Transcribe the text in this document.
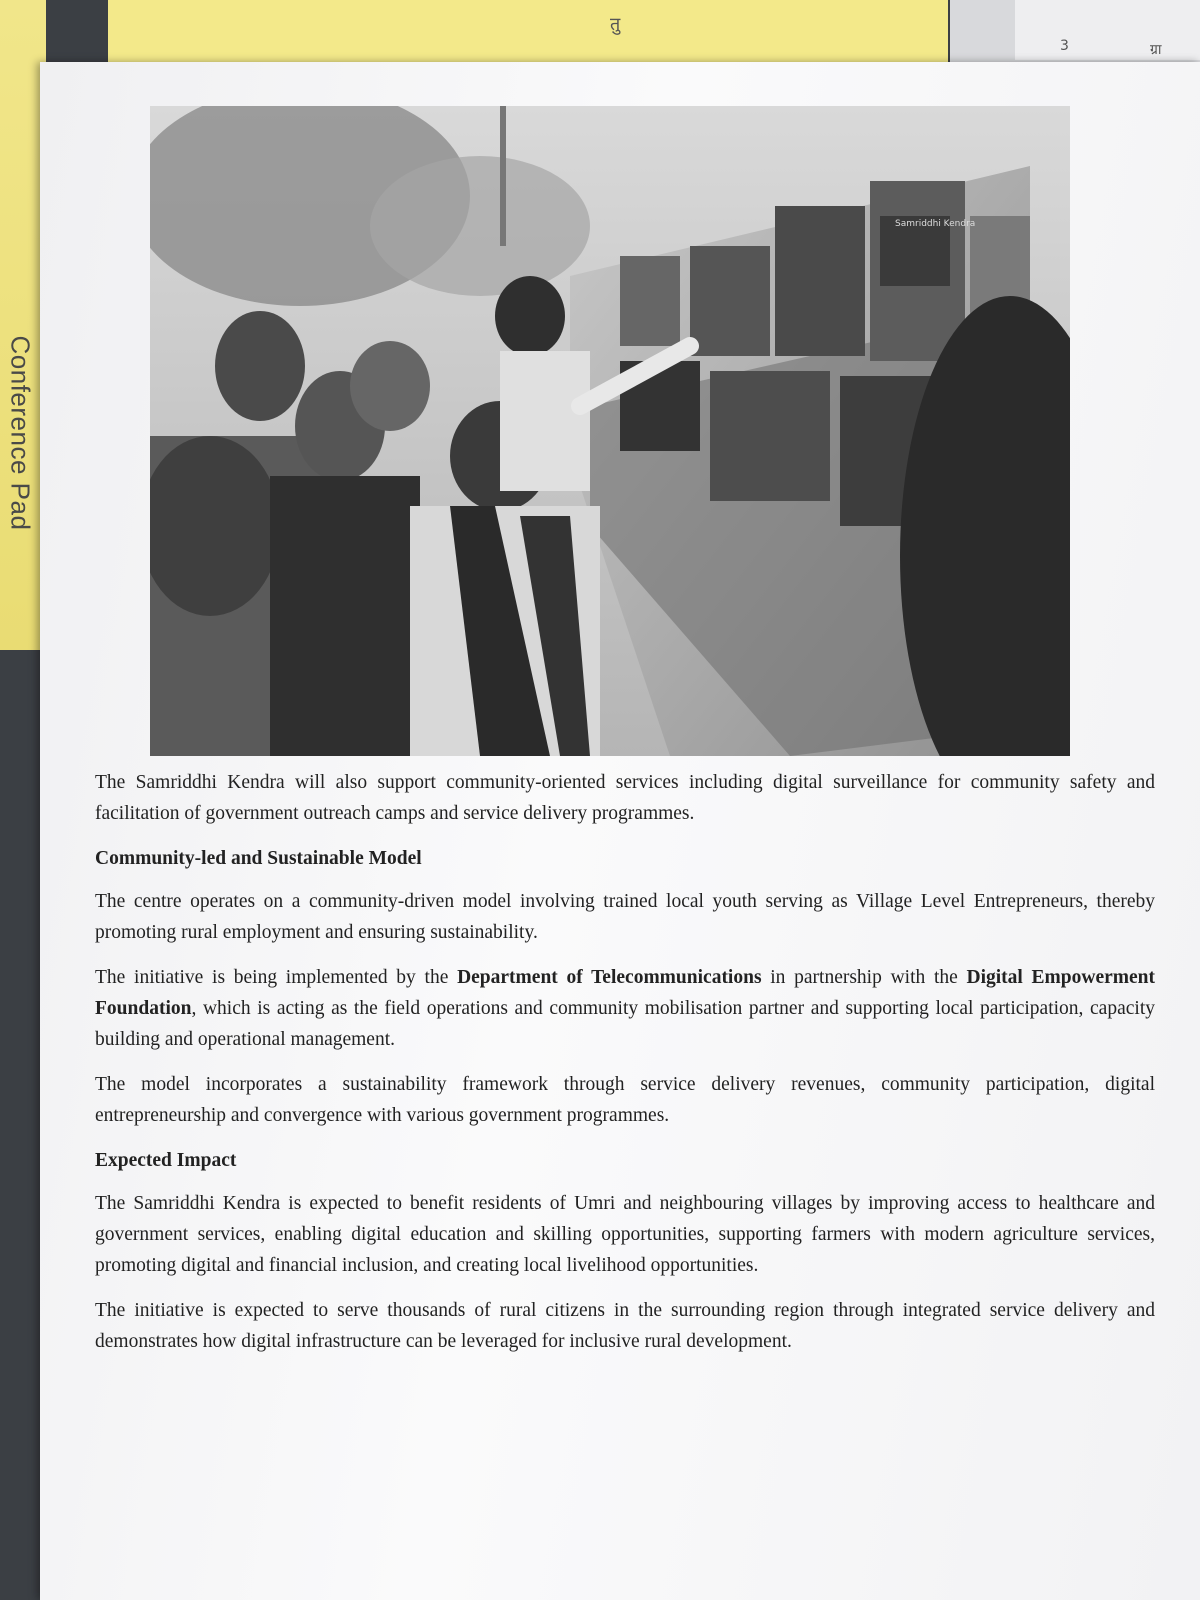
Conference Pad
3
तु
ग्रा
Samriddhi Kendra

The Samriddhi Kendra will also support community-oriented services including digital surveillance for community safety and facilitation of government outreach camps and service delivery programmes.

Community-led and Sustainable Model

The centre operates on a community-driven model involving trained local youth serving as Village Level Entrepreneurs, thereby promoting rural employment and ensuring sustainability.

The initiative is being implemented by the Department of Telecommunications in partnership with the Digital Empowerment Foundation, which is acting as the field operations and community mobilisation partner and supporting local participation, capacity building and operational management.

The model incorporates a sustainability framework through service delivery revenues, community participation, digital entrepreneurship and convergence with various government programmes.

Expected Impact

The Samriddhi Kendra is expected to benefit residents of Umri and neighbouring villages by improving access to healthcare and government services, enabling digital education and skilling opportunities, supporting farmers with modern agriculture services, promoting digital and financial inclusion, and creating local livelihood opportunities.

The initiative is expected to serve thousands of rural citizens in the surrounding region through integrated service delivery and demonstrates how digital infrastructure can be leveraged for inclusive rural development.
